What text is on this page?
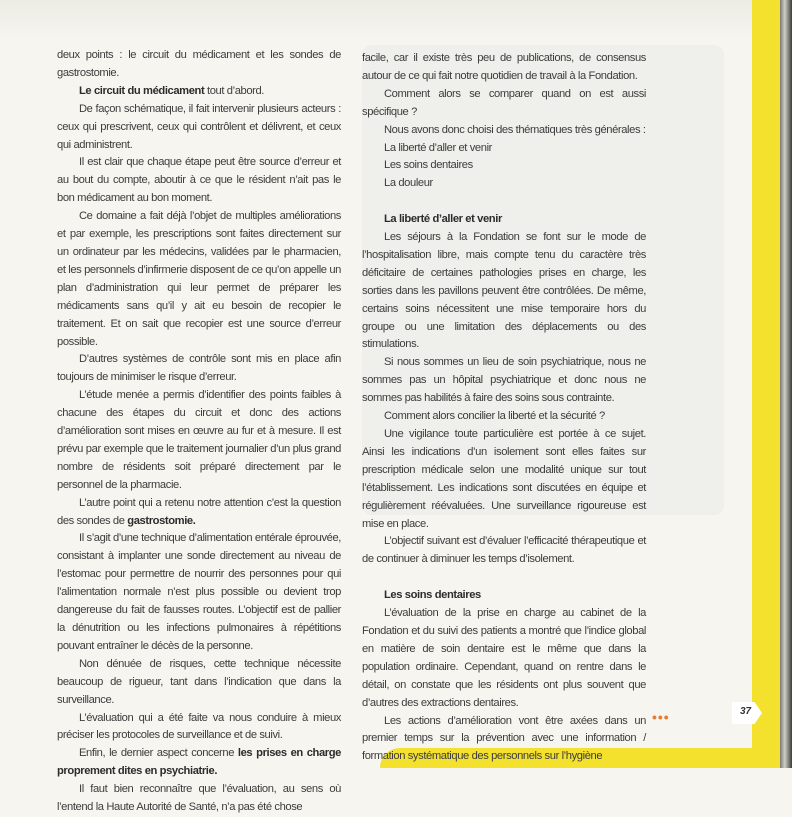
deux points : le circuit du médicament et les sondes de gastrostomie.

Le circuit du médicament tout d’abord.

De façon schématique, il fait intervenir plusieurs acteurs : ceux qui prescrivent, ceux qui contrôlent et délivrent, et ceux qui administrent.

Il est clair que chaque étape peut être source d’erreur et au bout du compte, aboutir à ce que le résident n’ait pas le bon médicament au bon moment.

Ce domaine a fait déjà l’objet de multiples améliorations et par exemple, les prescriptions sont faites directement sur un ordinateur par les médecins, validées par le pharmacien, et les personnels d’infirmerie disposent de ce qu’on appelle un plan d’administration qui leur permet de préparer les médicaments sans qu’il y ait eu besoin de recopier le traitement. Et on sait que recopier est une source d’erreur possible.

D’autres systèmes de contrôle sont mis en place afin toujours de minimiser le risque d’erreur.

L’étude menée a permis d’identifier des points faibles à chacune des étapes du circuit et donc des actions d’amélioration sont mises en œuvre au fur et à mesure. Il est prévu par exemple que le traitement journalier d’un plus grand nombre de résidents soit préparé directement par le personnel de la pharmacie.

L’autre point qui a retenu notre attention c’est la question des sondes de gastrostomie.

Il s’agit d’une technique d’alimentation entérale éprouvée, consistant à implanter une sonde directement au niveau de l’estomac pour permettre de nourrir des personnes pour qui l’alimentation normale n’est plus possible ou devient trop dangereuse du fait de fausses routes. L’objectif est de pallier la dénutrition ou les infections pulmonaires à répétitions pouvant entraîner le décès de la personne.

Non dénuée de risques, cette technique nécessite beaucoup de rigueur, tant dans l’indication que dans la surveillance.

L’évaluation qui a été faite va nous conduire à mieux préciser les protocoles de surveillance et de suivi.

Enfin, le dernier aspect concerne les prises en charge proprement dites en psychiatrie.

Il faut bien reconnaître que l’évaluation, au sens où l’entend la Haute Autorité de Santé, n’a pas été chose

facile, car il existe très peu de publications, de consensus autour de ce qui fait notre quotidien de travail à la Fondation.

Comment alors se comparer quand on est aussi spécifique ?

Nous avons donc choisi des thématiques très générales :

La liberté d’aller et venir

Les soins dentaires

La douleur

La liberté d’aller et venir

Les séjours à la Fondation se font sur le mode de l’hospitalisation libre, mais compte tenu du caractère très déficitaire de certaines pathologies prises en charge, les sorties dans les pavillons peuvent être contrôlées. De même, certains soins nécessitent une mise temporaire hors du groupe ou une limitation des déplacements ou des stimulations.

Si nous sommes un lieu de soin psychiatrique, nous ne sommes pas un hôpital psychiatrique et donc nous ne sommes pas habilités à faire des soins sous contrainte.

Comment alors concilier la liberté et la sécurité ?

Une vigilance toute particulière est portée à ce sujet. Ainsi les indications d’un isolement sont elles faites sur prescription médicale selon une modalité unique sur tout l’établissement. Les indications sont discutées en équipe et régulièrement réévaluées. Une surveillance rigoureuse est mise en place.

L’objectif suivant est d’évaluer l’efficacité thérapeutique et de continuer à diminuer les temps d’isolement.

Les soins dentaires

L’évaluation de la prise en charge au cabinet de la Fondation et du suivi des patients a montré que l’indice global en matière de soin dentaire est le même que dans la population ordinaire. Cependant, quand on rentre dans le détail, on constate que les résidents ont plus souvent que d’autres des extractions dentaires.

Les actions d’amélioration vont être axées dans un premier temps sur la prévention avec une information / formation systématique des personnels sur l’hygiène

•••	37
